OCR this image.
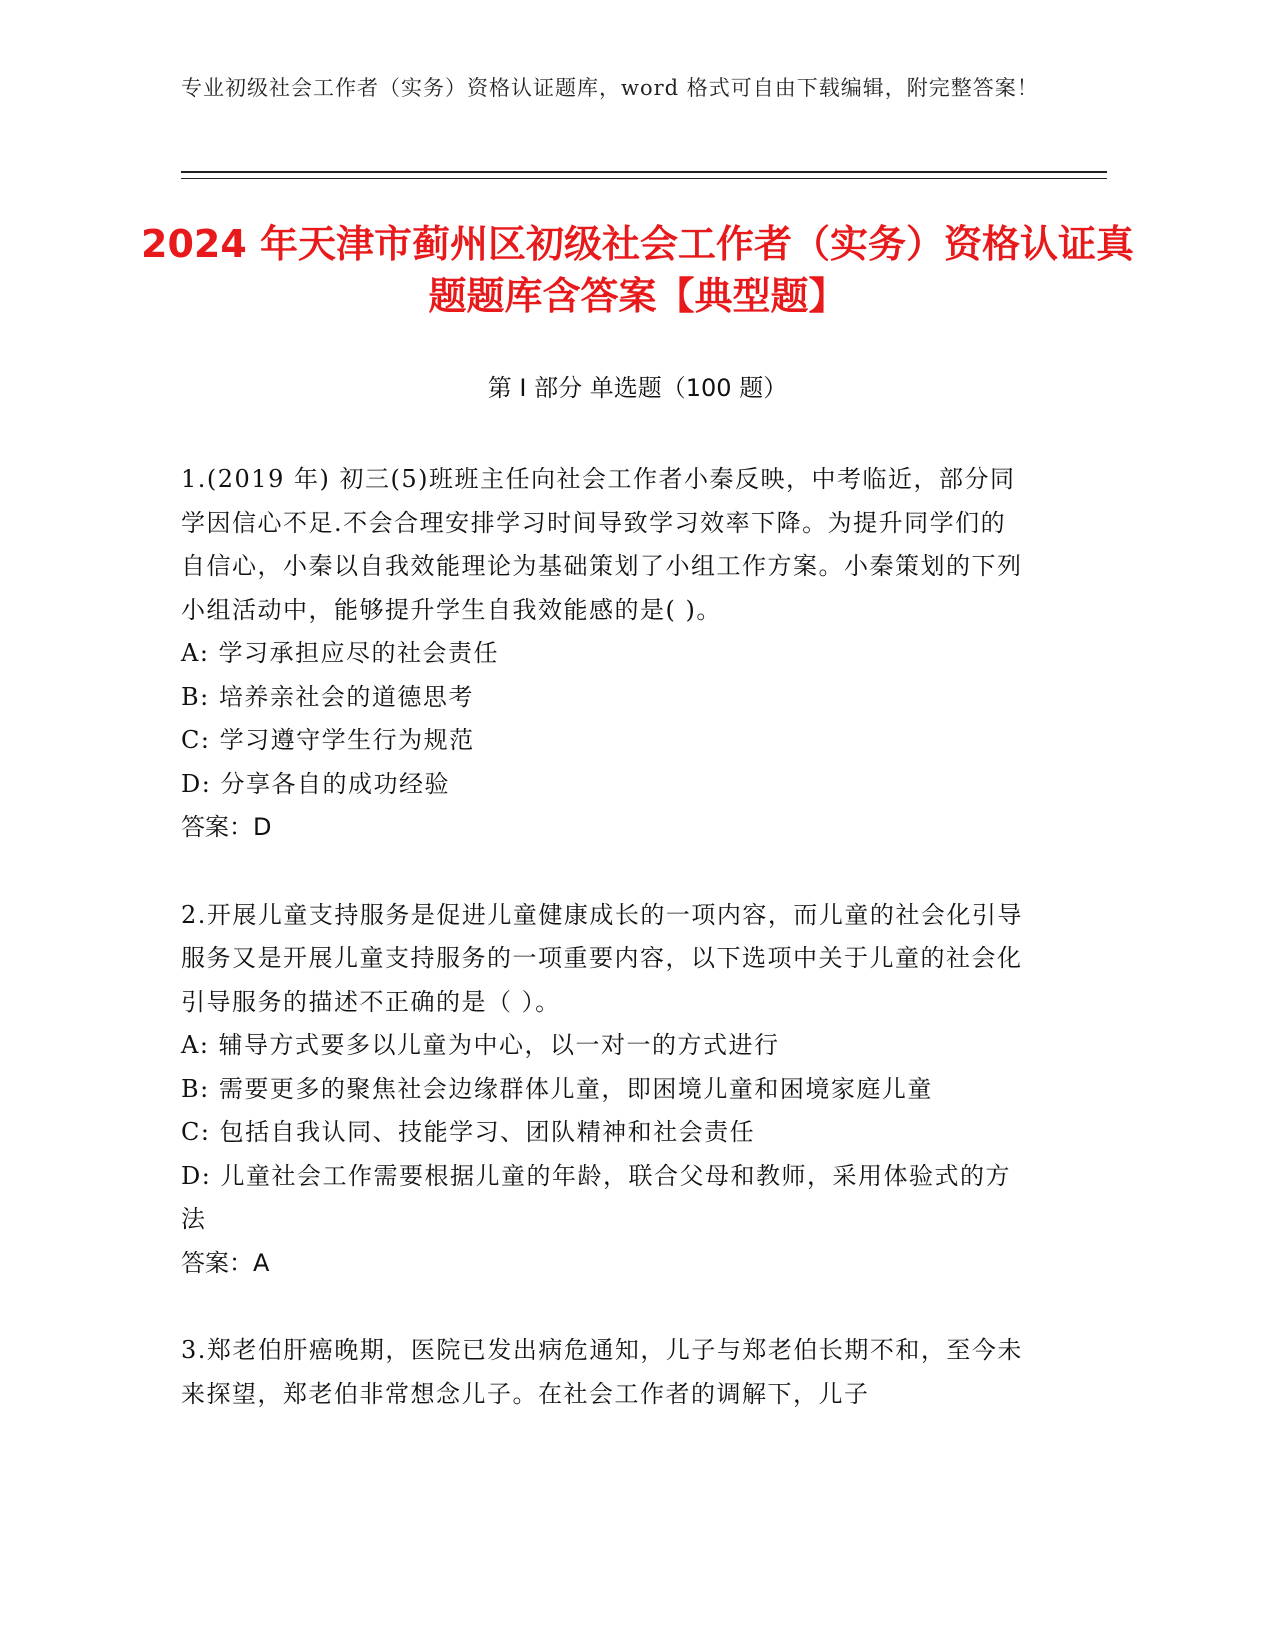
专业初级社会工作者（实务）资格认证题库，word 格式可自由下载编辑，附完整答案！
2024 年天津市蓟州区初级社会工作者（实务）资格认证真题题库含答案【典型题】
第 I 部分 单选题（100 题）

1.(2019 年) 初三(5)班班主任向社会工作者小秦反映，中考临近，部分同学因信心不足.不会合理安排学习时间导致学习效率下降。为提升同学们的自信心，小秦以自我效能理论为基础策划了小组工作方案。小秦策划的下列小组活动中，能够提升学生自我效能感的是( )。

A: 学习承担应尽的社会责任

B: 培养亲社会的道德思考

C: 学习遵守学生行为规范

D: 分享各自的成功经验

答案：D

2.开展儿童支持服务是促进儿童健康成长的一项内容，而儿童的社会化引导服务又是开展儿童支持服务的一项重要内容，以下选项中关于儿童的社会化引导服务的描述不正确的是（ ）。

A: 辅导方式要多以儿童为中心，以一对一的方式进行

B: 需要更多的聚焦社会边缘群体儿童，即困境儿童和困境家庭儿童

C: 包括自我认同、技能学习、团队精神和社会责任

D: 儿童社会工作需要根据儿童的年龄，联合父母和教师，采用体验式的方法

答案：A

3.郑老伯肝癌晚期，医院已发出病危通知，儿子与郑老伯长期不和，至今未来探望，郑老伯非常想念儿子。在社会工作者的调解下，儿子
